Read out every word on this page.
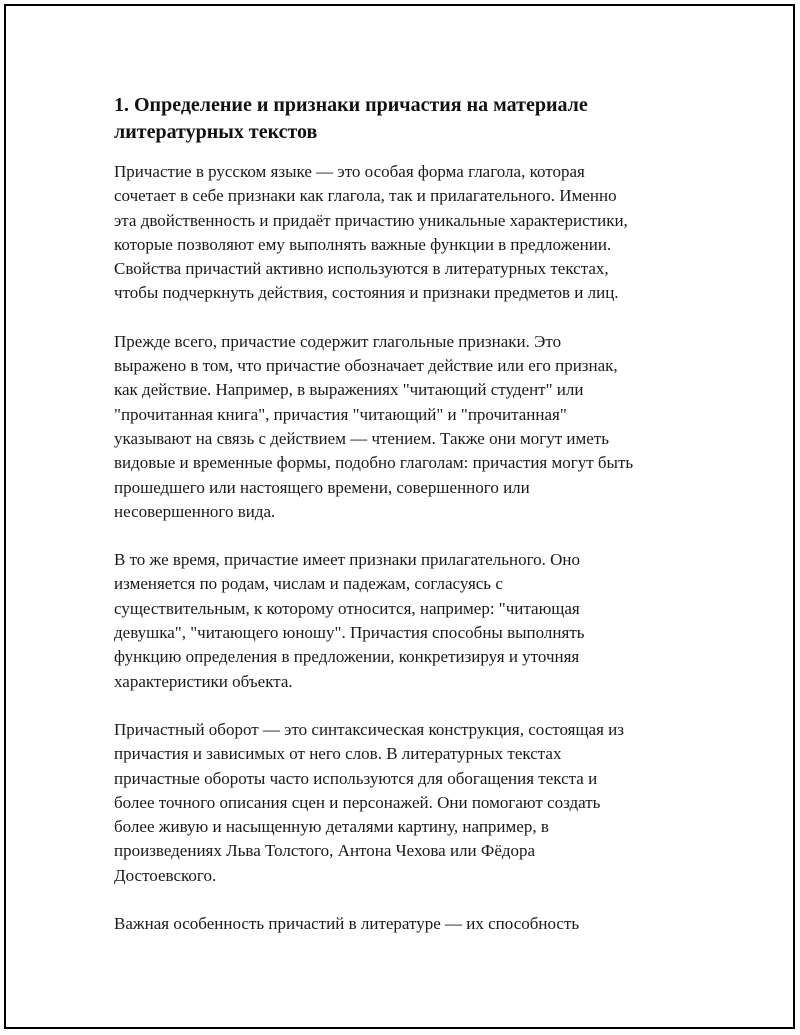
1. Определение и признаки причастия на материале
литературных текстов

Причастие в русском языке — это особая форма глагола, которая
сочетает в себе признаки как глагола, так и прилагательного. Именно
эта двойственность и придаёт причастию уникальные характеристики,
которые позволяют ему выполнять важные функции в предложении.
Свойства причастий активно используются в литературных текстах,
чтобы подчеркнуть действия, состояния и признаки предметов и лиц.

Прежде всего, причастие содержит глагольные признаки. Это
выражено в том, что причастие обозначает действие или его признак,
как действие. Например, в выражениях "читающий студент" или
"прочитанная книга", причастия "читающий" и "прочитанная"
указывают на связь с действием — чтением. Также они могут иметь
видовые и временные формы, подобно глаголам: причастия могут быть
прошедшего или настоящего времени, совершенного или
несовершенного вида.

В то же время, причастие имеет признаки прилагательного. Оно
изменяется по родам, числам и падежам, согласуясь с
существительным, к которому относится, например: "читающая
девушка", "читающего юношу". Причастия способны выполнять
функцию определения в предложении, конкретизируя и уточняя
характеристики объекта.

Причастный оборот — это синтаксическая конструкция, состоящая из
причастия и зависимых от него слов. В литературных текстах
причастные обороты часто используются для обогащения текста и
более точного описания сцен и персонажей. Они помогают создать
более живую и насыщенную деталями картину, например, в
произведениях Льва Толстого, Антона Чехова или Фёдора
Достоевского.

Важная особенность причастий в литературе — их способность
